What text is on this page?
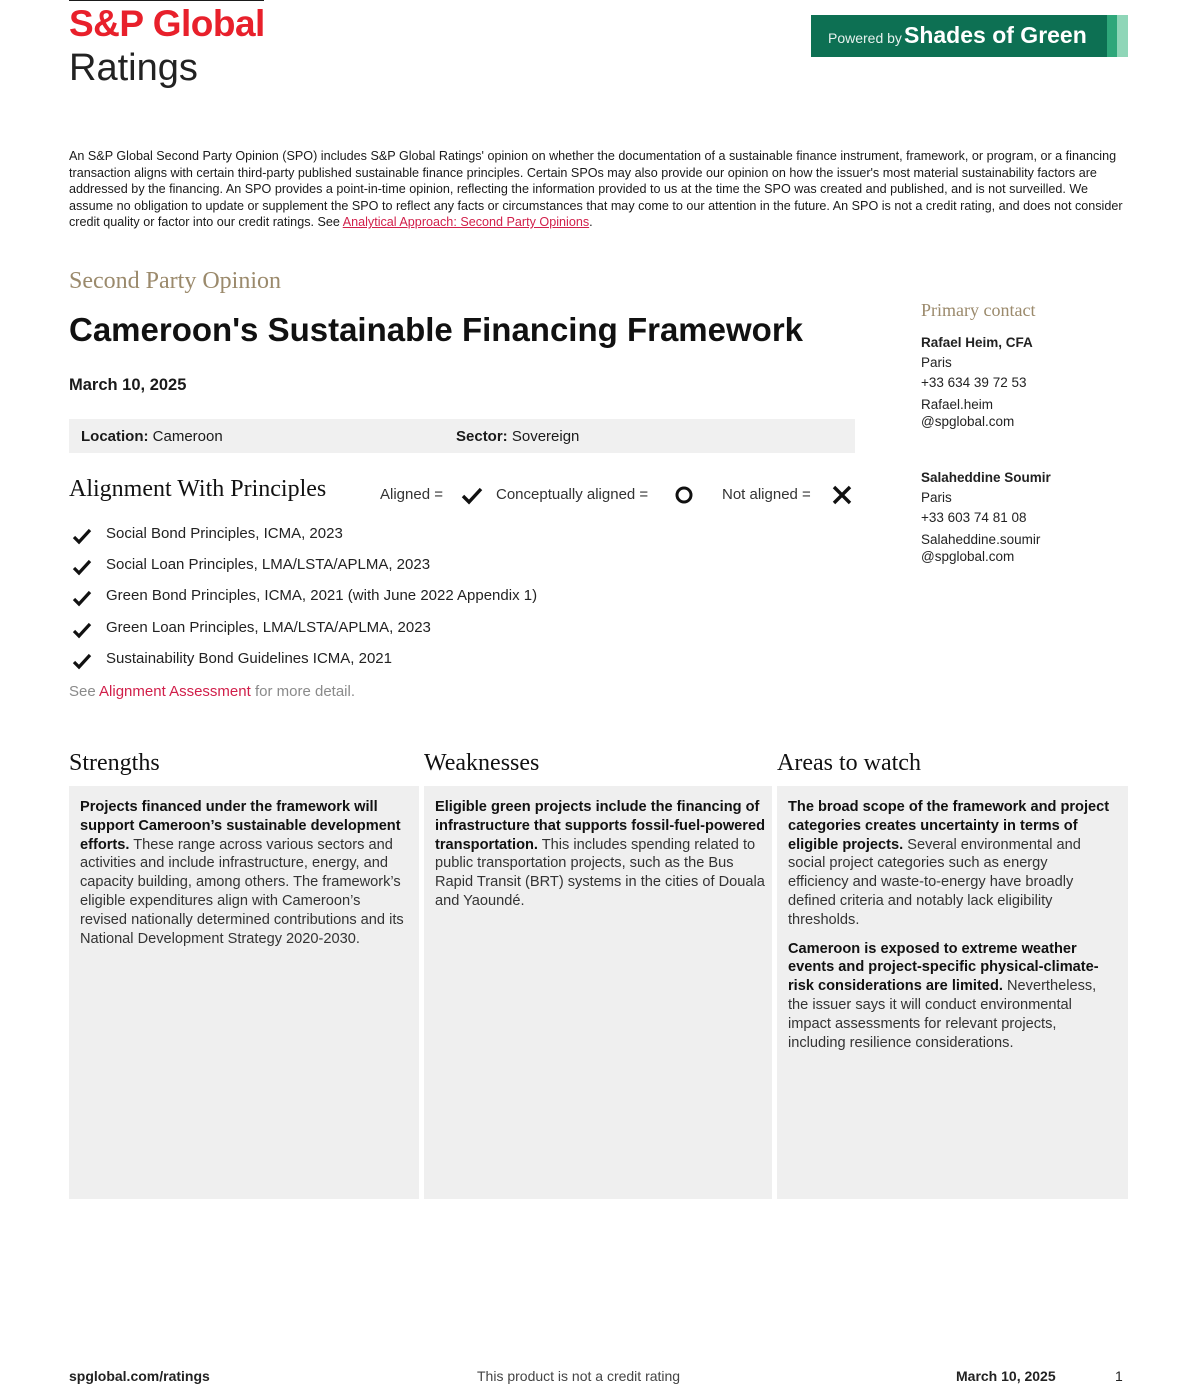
S&P Global
Ratings
Powered by Shades of Green
An S&P Global Second Party Opinion (SPO) includes S&P Global Ratings' opinion on whether the documentation of a sustainable finance instrument, framework, or program, or a financing transaction aligns with certain third-party published sustainable finance principles. Certain SPOs may also provide our opinion on how the issuer's most material sustainability factors are addressed by the financing. An SPO provides a point-in-time opinion, reflecting the information provided to us at the time the SPO was created and published, and is not surveilled. We assume no obligation to update or supplement the SPO to reflect any facts or circumstances that may come to our attention in the future. An SPO is not a credit rating, and does not consider credit quality or factor into our credit ratings. See Analytical Approach: Second Party Opinions.
Second Party Opinion
Cameroon's Sustainable Financing Framework
March 10, 2025
Location: Cameroon	Sector: Sovereign
Alignment With Principles	Aligned =	Conceptually aligned =	Not aligned =
Social Bond Principles, ICMA, 2023
Social Loan Principles, LMA/LSTA/APLMA, 2023
Green Bond Principles, ICMA, 2021 (with June 2022 Appendix 1)
Green Loan Principles, LMA/LSTA/APLMA, 2023
Sustainability Bond Guidelines ICMA, 2021
See Alignment Assessment for more detail.
Primary contact
Rafael Heim, CFA
Paris
+33 634 39 72 53
Rafael.heim
@spglobal.com
Salaheddine Soumir
Paris
+33 603 74 81 08
Salaheddine.soumir
@spglobal.com
Strengths	Weaknesses	Areas to watch

Projects financed under the framework will support Cameroon’s sustainable development efforts. These range across various sectors and activities and include infrastructure, energy, and capacity building, among others. The framework’s eligible expenditures align with Cameroon’s revised nationally determined contributions and its National Development Strategy 2020-2030.

Eligible green projects include the financing of infrastructure that supports fossil-fuel-powered transportation. This includes spending related to public transportation projects, such as the Bus Rapid Transit (BRT) systems in the cities of Douala and Yaoundé.

The broad scope of the framework and project categories creates uncertainty in terms of eligible projects. Several environmental and social project categories such as energy efficiency and waste-to-energy have broadly defined criteria and notably lack eligibility thresholds.

Cameroon is exposed to extreme weather events and project-specific physical-climate-risk considerations are limited. Nevertheless, the issuer says it will conduct environmental impact assessments for relevant projects, including resilience considerations.

spglobal.com/ratings	This product is not a credit rating	March 10, 2025	1
